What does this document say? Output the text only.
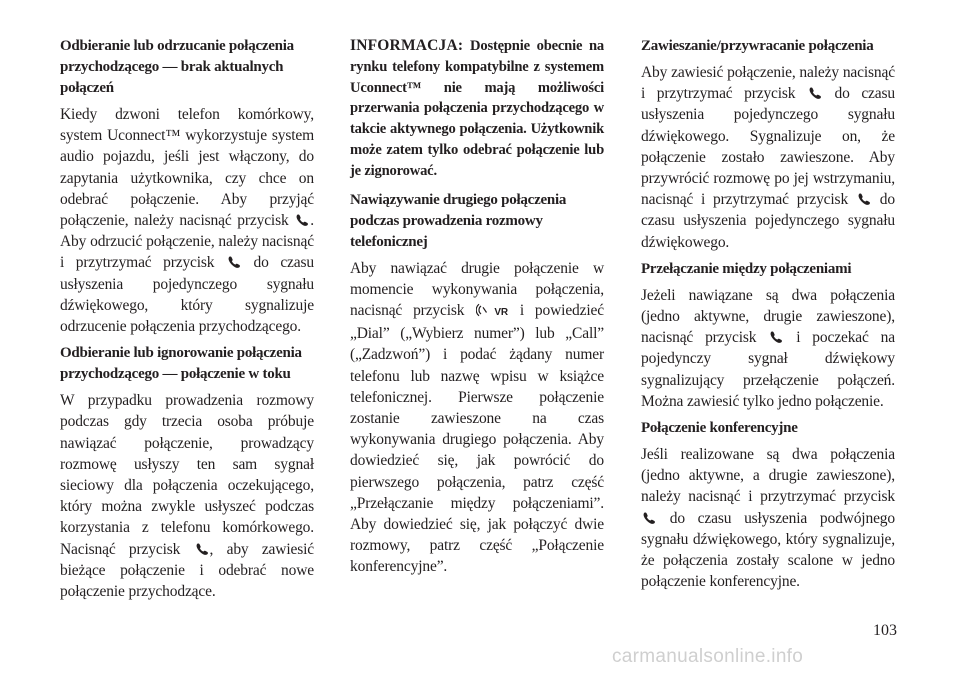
Odbieranie lub odrzucanie połączenia przychodzącego — brak aktualnych połączeń
Kiedy dzwoni telefon komórkowy, system Uconnect™ wykorzystuje system audio pojazdu, jeśli jest włączony, do zapytania użytkownika, czy chce on odebrać połączenie. Aby przyjąć połączenie, należy nacisnąć przycisk . Aby odrzucić połączenie, należy nacisnąć i przytrzymać przycisk  do czasu usłyszenia pojedynczego sygnału dźwiękowego, który sygnalizuje odrzucenie połączenia przychodzącego.
Odbieranie lub ignorowanie połączenia przychodzącego — połączenie w toku
W przypadku prowadzenia rozmowy podczas gdy trzecia osoba próbuje nawiązać połączenie, prowadzący rozmowę usłyszy ten sam sygnał sieciowy dla połączenia oczekującego, który można zwykle usłyszeć podczas korzystania z telefonu komórkowego. Nacisnąć przycisk , aby zawiesić bieżące połączenie i odebrać nowe połączenie przychodzące.
INFORMACJA: Dostępnie obecnie na rynku telefony kompatybilne z systemem Uconnect™ nie mają możliwości przerwania połączenia przychodzącego w takcie aktywnego połączenia. Użytkownik może zatem tylko odebrać połączenie lub je zignorować.
Nawiązywanie drugiego połączenia podczas prowadzenia rozmowy telefonicznej
Aby nawiązać drugie połączenie w momencie wykonywania połączenia, nacisnąć przycisk VR i powiedzieć „Dial” („Wybierz numer”) lub „Call” („Zadzwoń”) i podać żądany numer telefonu lub nazwę wpisu w książce telefonicznej. Pierwsze połączenie zostanie zawieszone na czas wykonywania drugiego połączenia. Aby dowiedzieć się, jak powrócić do pierwszego połączenia, patrz część „Przełączanie między połączeniami”. Aby dowiedzieć się, jak połączyć dwie rozmowy, patrz część „Połączenie konferencyjne”.
Zawieszanie/przywracanie połączenia
Aby zawiesić połączenie, należy nacisnąć i przytrzymać przycisk  do czasu usłyszenia pojedynczego sygnału dźwiękowego. Sygnalizuje on, że połączenie zostało zawieszone. Aby przywrócić rozmowę po jej wstrzymaniu, nacisnąć i przytrzymać przycisk  do czasu usłyszenia pojedynczego sygnału dźwiękowego.
Przełączanie między połączeniami
Jeżeli nawiązane są dwa połączenia (jedno aktywne, drugie zawieszone), nacisnąć przycisk  i poczekać na pojedynczy sygnał dźwiękowy sygnalizujący przełączenie połączeń. Można zawiesić tylko jedno połączenie.
Połączenie konferencyjne
Jeśli realizowane są dwa połączenia (jedno aktywne, a drugie zawieszone), należy nacisnąć i przytrzymać przycisk  do czasu usłyszenia podwójnego sygnału dźwiękowego, który sygnalizuje, że połączenia zostały scalone w jedno połączenie konferencyjne.
103
carmanualsonline.info
